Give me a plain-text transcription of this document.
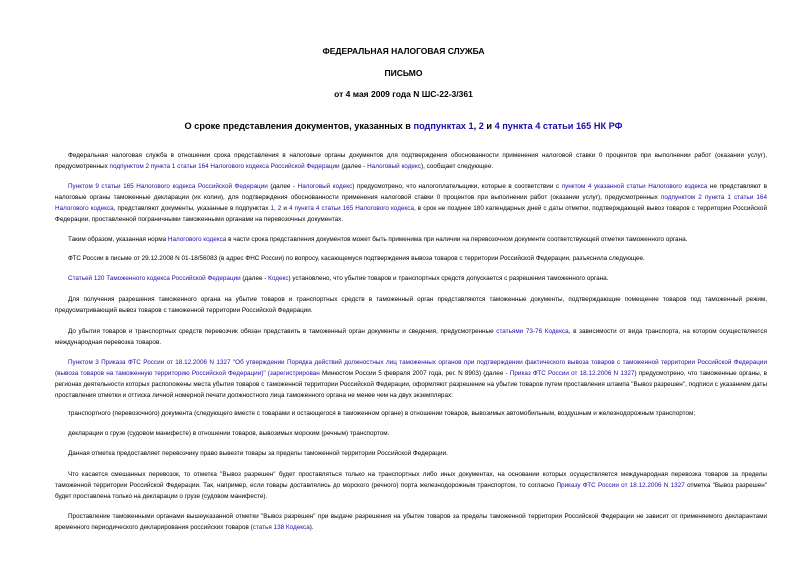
ФЕДЕРАЛЬНАЯ НАЛОГОВАЯ СЛУЖБА
ПИСЬМО
от 4 мая 2009 года N ШС-22-3/361
О сроке представления документов, указанных в подпунктах 1, 2 и 4 пункта 4 статьи 165 НК РФ

Федеральная налоговая служба в отношении срока представления в налоговые органы документов для подтверждения обоснованности применения налоговой ставки 0 процентов при выполнении работ (оказании услуг), предусмотренных подпунктом 2 пункта 1 статьи 164 Налогового кодекса Российской Федерации (далее - Налоговый кодекс), сообщает следующее.

Пунктом 9 статьи 165 Налогового кодекса Российской Федерации (далее - Налоговый кодекс) предусмотрено, что налогоплательщики, которые в соответствии с пунктом 4 указанной статьи Налогового кодекса не представляют в налоговые органы таможенные декларации (их копии), для подтверждения обоснованности применения налоговой ставки 0 процентов при выполнении работ (оказании услуг), предусмотренных подпунктом 2 пункта 1 статьи 164 Налогового кодекса, представляют документы, указанные в подпунктах 1, 2 и 4 пункта 4 статьи 165 Налогового кодекса, в срок не позднее 180 календарных дней с даты отметки, подтверждающей вывоз товаров с территории Российской Федерации, проставленной пограничными таможенными органами на перевозочных документах.

Таким образом, указанная норма Налогового кодекса в части срока представления документов может быть применима при наличии на перевозочном документе соответствующей отметки таможенного органа.

ФТС России в письме от 29.12.2008 N 01-18/56083 (в адрес ФНС России) по вопросу, касающемуся подтверждения вывоза товаров с территории Российской Федерации, разъяснила следующее.

Статьей 120 Таможенного кодекса Российской Федерации (далее - Кодекс) установлено, что убытие товаров и транспортных средств допускается с разрешения таможенного органа.

Для получения разрешения таможенного органа на убытие товаров и транспортных средств в таможенный орган представляются таможенные документы, подтверждающие помещение товаров под таможенный режим, предусматривающий вывоз товаров с таможенной территории Российской Федерации.

До убытия товаров и транспортных средств перевозчик обязан представить в таможенный орган документы и сведения, предусмотренные статьями 73-76 Кодекса, в зависимости от вида транспорта, на котором осуществляется международная перевозка товаров.

Пунктом 3 Приказа ФТС России от 18.12.2006 N 1327 "Об утверждении Порядка действий должностных лиц таможенных органов при подтверждении фактического вывоза товаров с таможенной территории Российской Федерации (вывоза товаров на таможенную территорию Российской Федерации)" (зарегистрирован Минюстом России 5 февраля 2007 года, рег. N 8903) (далее - Приказ ФТС России от 18.12.2006 N 1327) предусмотрено, что таможенные органы, в регионах деятельности которых расположены места убытия товаров с таможенной территории Российской Федерации, оформляют разрешение на убытие товаров путем проставления штампа "Вывоз разрешен", подписи с указанием даты проставления отметки и оттиска личной номерной печати должностного лица таможенного органа не менее чем на двух экземплярах:

транспортного (перевозочного) документа (следующего вместе с товарами и остающегося в таможенном органе) в отношении товаров, вывозимых автомобильным, воздушным и железнодорожным транспортом;

декларации о грузе (судовом манифесте) в отношении товаров, вывозимых морским (речным) транспортом.

Данная отметка предоставляет перевозчику право вывезти товары за пределы таможенной территории Российской Федерации.

Что касается смешанных перевозок, то отметка "Вывоз разрешен" будет проставляться только на транспортных либо иных документах, на основании которых осуществляется международная перевозка товаров за пределы таможенной территории Российской Федерации. Так, например, если товары доставлялись до морского (речного) порта железнодорожным транспортом, то согласно Приказу ФТС России от 18.12.2006 N 1327 отметка "Вывоз разрешен" будет проставлена только на декларации о грузе (судовом манифесте).

Проставление таможенными органами вышеуказанной отметки "Вывоз разрешен" при выдаче разрешения на убытие товаров за пределы таможенной территории Российской Федерации не зависит от применяемого декларантами временного периодического декларирования российских товаров (статья 138 Кодекса).
